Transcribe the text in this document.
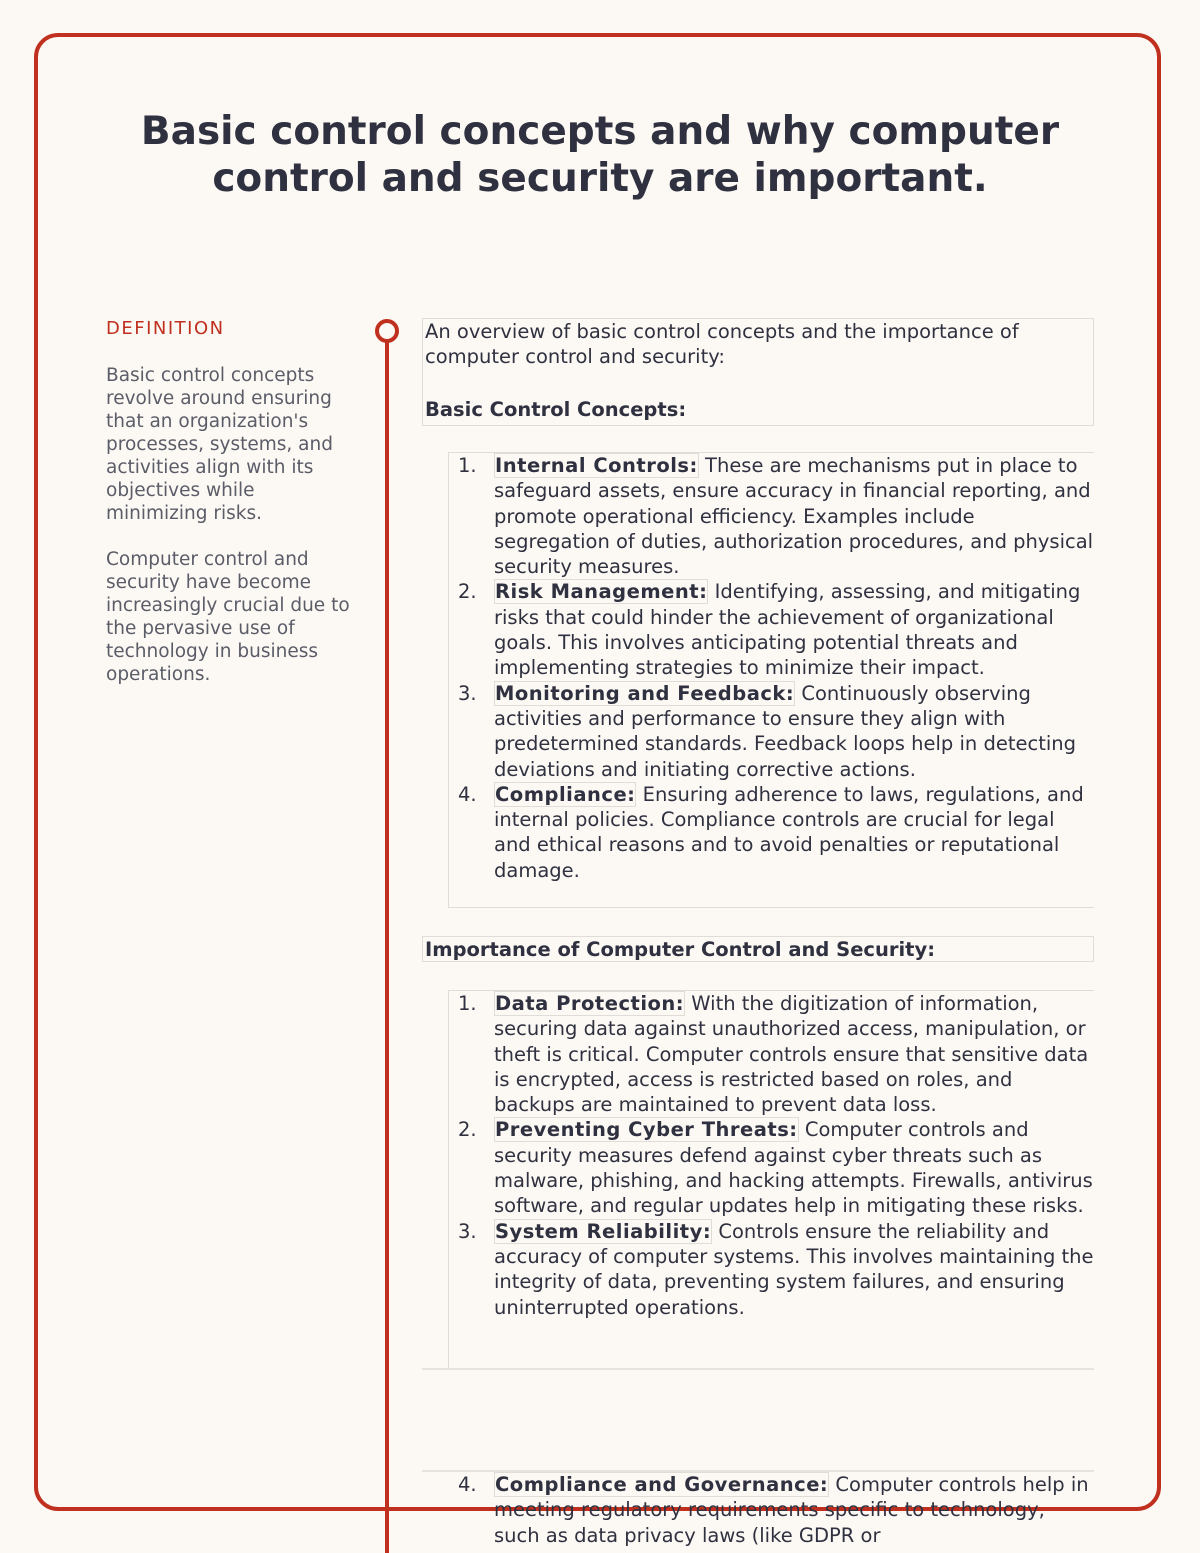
Basic control concepts and why computer control and security are important.
DEFINITION

Basic control concepts revolve around ensuring that an organization's processes, systems, and activities align with its objectives while minimizing risks.

Computer control and security have become increasingly crucial due to the pervasive use of technology in business operations.

An overview of basic control concepts and the importance of computer control and security:

Basic Control Concepts:

1. Internal Controls: These are mechanisms put in place to safeguard assets, ensure accuracy in financial reporting, and promote operational efficiency. Examples include segregation of duties, authorization procedures, and physical security measures.
2. Risk Management: Identifying, assessing, and mitigating risks that could hinder the achievement of organizational goals. This involves anticipating potential threats and implementing strategies to minimize their impact.
3. Monitoring and Feedback: Continuously observing activities and performance to ensure they align with predetermined standards. Feedback loops help in detecting deviations and initiating corrective actions.
4. Compliance: Ensuring adherence to laws, regulations, and internal policies. Compliance controls are crucial for legal and ethical reasons and to avoid penalties or reputational damage.
Importance of Computer Control and Security:
1. Data Protection: With the digitization of information, securing data against unauthorized access, manipulation, or theft is critical. Computer controls ensure that sensitive data is encrypted, access is restricted based on roles, and backups are maintained to prevent data loss.
2. Preventing Cyber Threats: Computer controls and security measures defend against cyber threats such as malware, phishing, and hacking attempts. Firewalls, antivirus software, and regular updates help in mitigating these risks.
3. System Reliability: Controls ensure the reliability and accuracy of computer systems. This involves maintaining the integrity of data, preventing system failures, and ensuring uninterrupted operations.
4. Compliance and Governance: Computer controls help in meeting regulatory requirements specific to technology, such as data privacy laws (like GDPR or
